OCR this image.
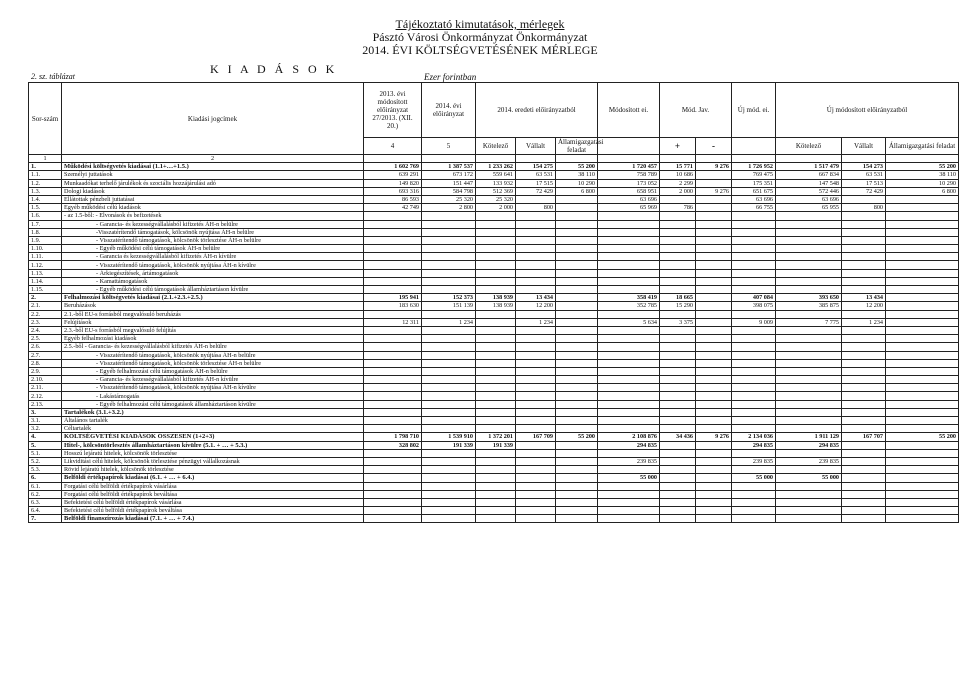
Tájékoztató kimutatások, mérlegek
Pásztó Városi Önkormányzat Önkormányzat
2014. ÉVI KÖLTSÉGVETÉSÉNEK MÉRLEGE
K I A D Á S O K
2. sz. táblázat	Ezer forintban
Sor-szám	Kiadási jogcímek	2013. évi módosított előirányzat 27/2013. (XII. 20.)	2014. évi előirányzat	2014. eredeti előirányzatból			Módosított ei.	Mód. Jav.		Új mód. ei.	Új módosított előirányzatból		
		4	5	Kötelező	Vállalt	Államigazgatási feladat		+	-		Kötelező	Vállalt	Államigazgatási feladat
1	2												
1.	Működési költségvetés kiadásai (1.1+…+1.5.)	1 602 769	1 387 537	1 233 262	154 275	55 200	1 720 457	15 771	9 276	1 726 952	1 517 479	154 273	55 200
1.1.	Személyi juttatások	639 291	673 172	559 641	63 531	38 110	758 789	10 686		769 475	667 834	63 531	38 110
1.2.	Munkaadókat terhelő járulékok és szociális hozzájárulási adó	149 820	151 447	133 932	17 515	10 290	173 052	2 299		175 351	147 548	17 513	10 290
1.3.	Dologi kiadások	693 316	584 798	512 369	72 429	6 800	658 951	2 000	9 276	651 675	572 446	72 429	6 800
1.4.	Ellátottak pénzbeli juttatásai	86 593	25 320	25 320			63 696			63 696	63 696		
1.5.	Egyéb működési célú kiadások	42 749	2 800	2 000	800		65 969	786		66 755	65 955	800	
1.6.	- az 1.5-ből: - Elvonások és befizetések												
1.7.	- Garancia- és kezességvállalásból kifizetés ÁH-n belülre												
1.8.	-Visszatérítendő támogatások, kölcsönök nyújtása ÁH-n belülre												
1.9.	- Visszatérítendő támogatások, kölcsönök törlesztése ÁH-n belülre												
1.10.	- Egyéb működési célú támogatások ÁH-n belülre												
1.11.	- Garancia és kezességvállalásból kifizetés ÁH-n kívülre												
1.12.	- Visszatérítendő támogatások, kölcsönök nyújtása ÁH-n kívülre												
1.13.	- Árkiegészítések, ártámogatások												
1.14.	- Kamattámogatások												
1.15.	- Egyéb működési célú támogatások államháztartáson kívülre												
2.	Felhalmozási költségvetés kiadásai (2.1.+2.3.+2.5.)	195 941	152 373	138 939	13 434		358 419	18 665		407 084	393 650	13 434	
2.1.	Beruházások	183 630	151 139	138 939	12 200		352 785	15 290		398 075	385 875	12 200	
2.2.	2.1.-ből EU-s forrásból megvalósuló beruházás												
2.3.	Felújítások	12 311	1 234		1 234		5 634	3 375		9 009	7 775	1 234	
2.4.	2.3.-ből EU-s forrásból megvalósuló felújítás												
2.5.	Egyéb felhalmozási kiadások												
2.6.	2.5.-ből - Garancia- és kezességvállalásból kifizetés ÁH-n belülre												
2.7.	- Visszatérítendő támogatások, kölcsönök nyújtása ÁH-n belülre												
2.8.	- Visszatérítendő támogatások, kölcsönök törlesztése ÁH-n belülre												
2.9.	- Egyéb felhalmozási célú támogatások ÁH-n belülre												
2.10.	- Garancia- és kezességvállalásból kifizetés ÁH-n kívülre												
2.11.	- Visszatérítendő támogatások, kölcsönök nyújtása ÁH-n kívülre												
2.12.	- Lakástámogatás												
2.13.	- Egyéb felhalmozási célú támogatások államháztartáson kívülre												
3.	Tartalékok (3.1.+3.2.)												
3.1.	Általános tartalék												
3.2.	Céltartalék												
4.	KÖLTSÉGVETÉSI KIADÁSOK ÖSSZESEN (1+2+3)	1 798 710	1 539 910	1 372 201	167 709	55 200	2 108 876	34 436	9 276	2 134 036	1 911 129	167 707	55 200
5.	Hitel-, kölcsöntörlesztés államháztartáson kívülre (5.1. + … + 5.3.)	328 802	191 339	191 339			294 835			294 835	294 835		
5.1.	Hosszú lejáratú hitelek, kölcsönök törlesztése												
5.2.	Likviditási célú hitelek, kölcsönök törlesztése pénzügyi vállalkozásnak						239 835			239 835	239 835		
5.3.	Rövid lejáratú hitelek, kölcsönök törlesztése												
6.	Belföldi értékpapírok kiadásai (6.1. + … + 6.4.)						55 000			55 000	55 000		
6.1.	Forgatási célú belföldi értékpapírok vásárlása												
6.2.	Forgatási célú belföldi értékpapírok beváltása												
6.3.	Befektetési célú belföldi értékpapírok vásárlása												
6.4.	Befektetési célú belföldi értékpapírok beváltása												
7.	Belföldi finanszírozás kiadásai (7.1. + … + 7.4.)												
